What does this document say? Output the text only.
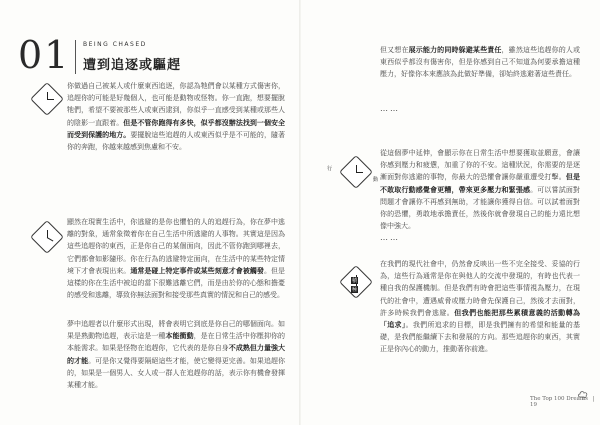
01 BEING CHASED
遭到追逐或驅趕

你做過自己被某人或什麼東西追逐，你認為牠們會以某種方式傷害你，追趕你的可能是好幾個人，也可能是動物或怪物。你一直跑，想要擺脫牠們，希望不要被那些人或東西逮到，你似乎一直感受到某種或那些人的陰影一直跟着。但是不管你跑得有多快，似乎都沒辦法找到一個安全而受到保護的地方。要擺脫這些追趕的人或東西似乎是不可能的，隨著你的奔跑，你越來越感到焦慮和不安。

顯然在現實生活中，你逃避的是你也懼怕的人的追趕行為，你在夢中逃離的對象，通常象徵着你在自己生活中所逃避的人事物。其實這是因為這些追趕你的東西，正是你自己的某個面向，因此不管你跑到哪裡去，它們都會如影隨形。你在行為的逃避特定面向，在生活中的某些特定情境下才會表現出來。通常是碰上特定事件或某些刻意才會被觸發。但是這樣的你在生活中被迫的當下很難逃離它們，而是由於你的心態和擔憂的感受和逃離，導致你無法面對和接受那些真實的情況和自己的感受。

夢中追趕者以什麼形式出現，將會表明它到底是你自己的哪個面向。如果是熟動物追趕，表示這是一種本能衝動，是在日常生活中你壓抑你的本能需求。如果是怪物在追趕你，它代表的是你自身不成熟但力量強大的才能。可是你又覺得要隔絕這些才能，使它變得更完善。如果追趕你的，如果是一個男人、女人或一群人在追趕你的話，表示你有機會發揮某種才能。

但又想在展示能力的同時躲避某些責任，雖然這些追趕你的人或東西似乎都沒有傷害你，但是你感到自己不知道為何要承擔這種壓力，好像你本來應該為此做好準備，卻始終逃避著這些責任。

⋯⋯
行
動

從這個夢中延伸，會顯示你在日常生活中想要獲取並願意，會讓你感到壓力和疲憊，加重了你的不安。這種狀況，你需要的是逐漸面對你逃避的事物，你最大的恐懼會讓你嚴重遭受打擊。但是不敢取行動感覺會更糟，帶來更多壓力和緊張感。可以嘗試面對問題才會讓你不再感到無助，才能讓你獲得自信。可以試着面對你的恐懼，勇敢地承擔責任，然後你就會發現自己的能力遠比想像中強大。

⋯⋯
積
極

在我們的現代社會中，仍然會反映出一些不完全接受、妥協的行為，這些行為通常是你在與他人的交流中發現的，有時也代表一種自我的保護機制。但是我們有時會把這些事情視為壓力，在現代的社會中，遭遇威脅或壓力時會先保護自己，然後才去面對，許多時候我們會逃避。但我們也能把那些累積意義的活動轉為「追求」。我們所追求的目標，即是我們擁有的希望和能量的基礎，是我們能繼續下去和發展的方向。那些追趕你的東西，其實正是你內心的動力，推動著你前進。

The Top 100 Dreams | 19
